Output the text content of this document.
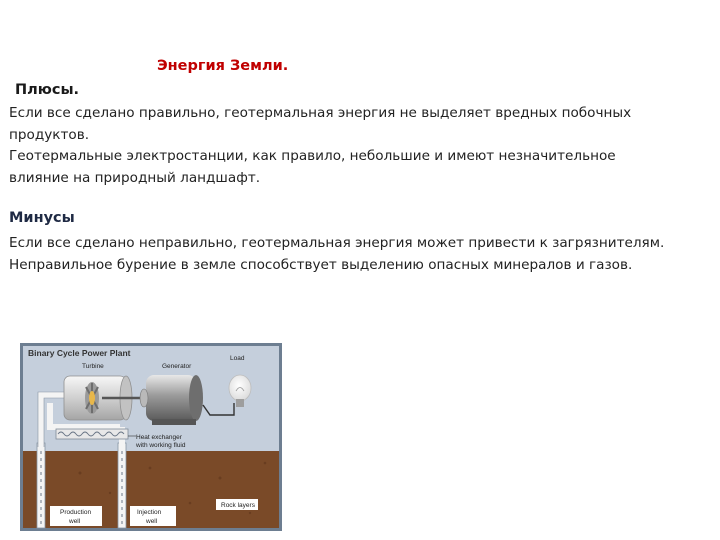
Энергия Земли.
Плюсы.
Если все сделано правильно, геотермальная энергия не выделяет вредных побочных
продуктов.
Геотермальные электростанции, как правило, небольшие и имеют незначительное
влияние на природный ландшафт.
Минусы
Если все сделано неправильно, геотермальная энергия может привести к загрязнителям.
Неправильное бурение в земле способствует выделению опасных минералов и газов.
Binary Cycle Power Plant
Turbine	Generator
Load
Heat exchanger
with working fluid
Rock layers
Production
well
Injection
well
